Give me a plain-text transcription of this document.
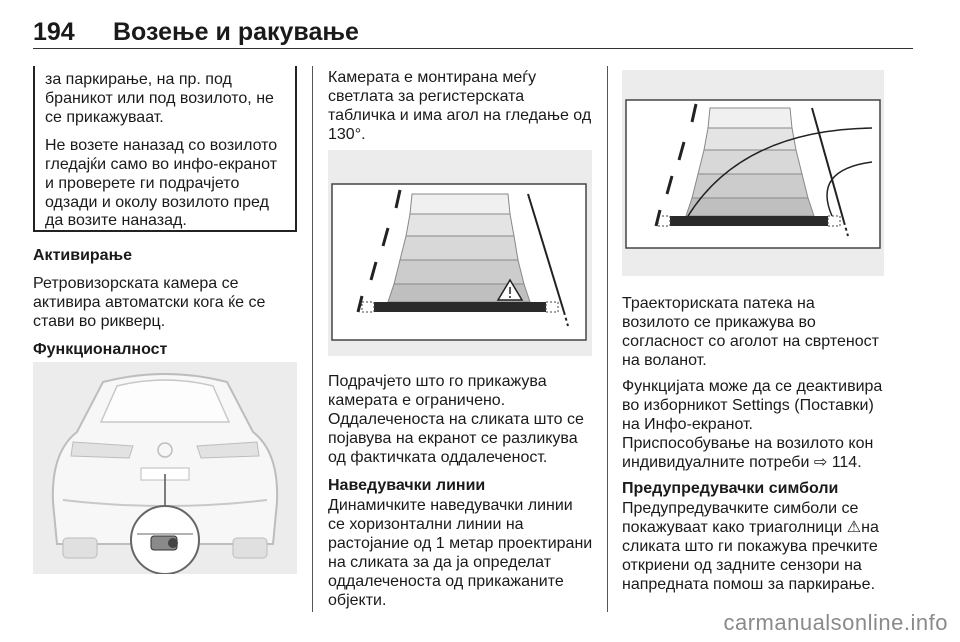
194 Возење и ракување

за паркирање, на пр. под

браникот или под возилото, не

се прикажуваат.

Не возете наназад со возилото

гледајќи само во инфо-екранот

и проверете ги подрачјето

одзади и околу возилото пред

да возите наназад.

Активирање

Ретровизорската камера се

активира автоматски кога ќе се

стави во рикверц.

Функционалност

Камерата е монтирана меѓу

светлата за регистерската

табличка и има агол на гледање од

130°.

Подрачјето што го прикажува

камерата е ограничено.

Оддалеченоста на сликата што се

појавува на екранот се разликува

од фактичката оддалеченост.

Наведувачки линии

Динамичките наведувачки линии

се хоризонтални линии на

растојание од 1 метар проектирани

на сликата за да ја определат

оддалеченоста од прикажаните

објекти.

Траекториската патека на

возилото се прикажува во

согласност со аголот на свртеност

на воланот.

Функцијата може да се деактивира

во изборникот Settings (Поставки)

на Инфо-екранот.

Приспособување на возилото кон

индивидуалните потреби ⇨ 114.

Предупредувачки симболи

Предупредувачките симболи се

покажуваат како триаголници ⚠на

сликата што ги покажува пречките

откриени од задните сензори на

напредната помош за паркирање.

carmanualsonline.info
